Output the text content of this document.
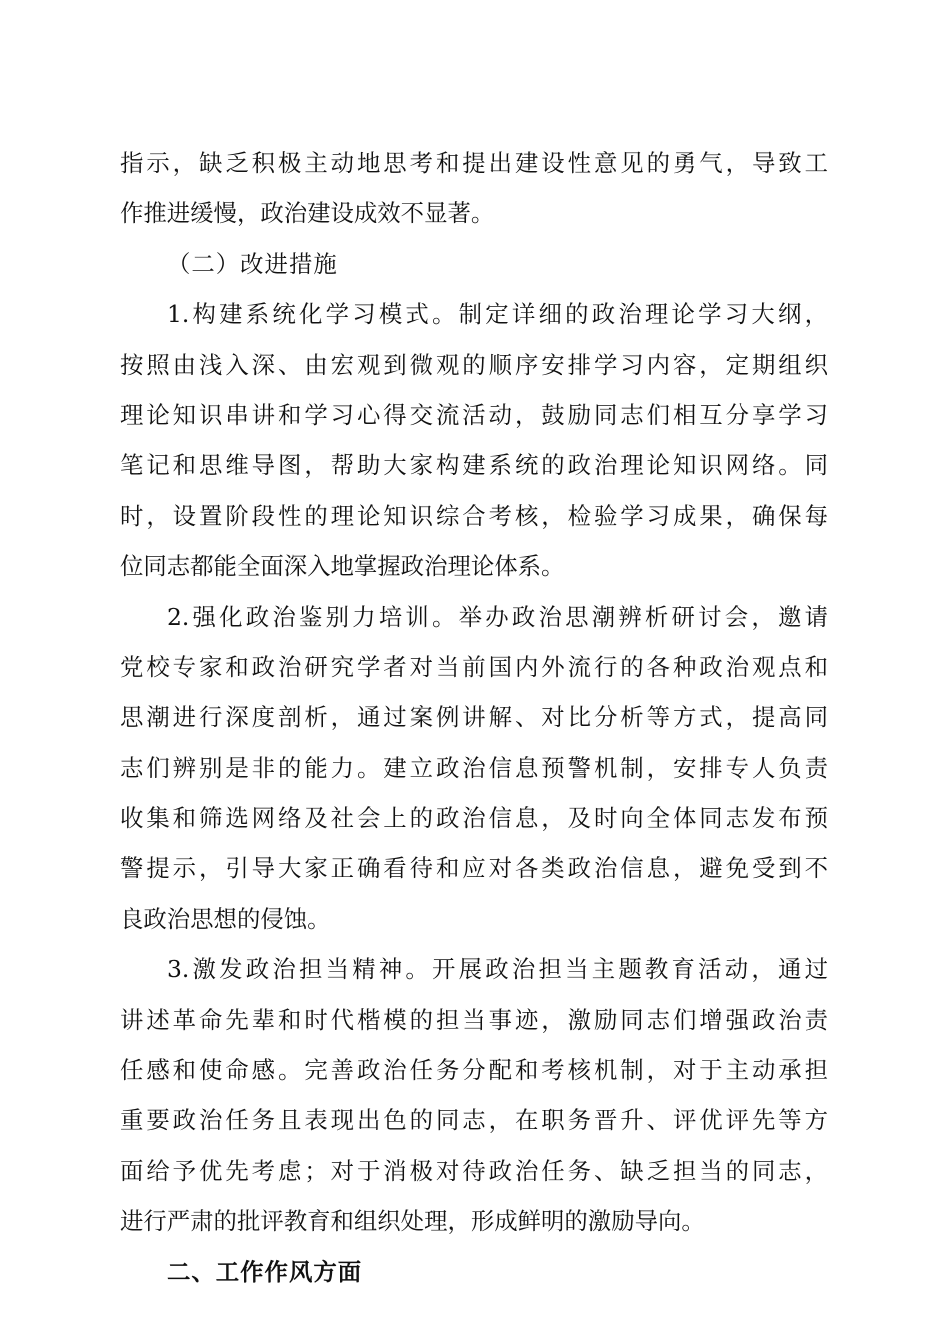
指示，缺乏积极主动地思考和提出建设性意见的勇气，导致工
作推进缓慢，政治建设成效不显著。
（二）改进措施
1.构建系统化学习模式。制定详细的政治理论学习大纲，
按照由浅入深、由宏观到微观的顺序安排学习内容，定期组织
理论知识串讲和学习心得交流活动，鼓励同志们相互分享学习
笔记和思维导图，帮助大家构建系统的政治理论知识网络。同
时，设置阶段性的理论知识综合考核，检验学习成果，确保每
位同志都能全面深入地掌握政治理论体系。
2.强化政治鉴别力培训。举办政治思潮辨析研讨会，邀请
党校专家和政治研究学者对当前国内外流行的各种政治观点和
思潮进行深度剖析，通过案例讲解、对比分析等方式，提高同
志们辨别是非的能力。建立政治信息预警机制，安排专人负责
收集和筛选网络及社会上的政治信息，及时向全体同志发布预
警提示，引导大家正确看待和应对各类政治信息，避免受到不
良政治思想的侵蚀。
3.激发政治担当精神。开展政治担当主题教育活动，通过
讲述革命先辈和时代楷模的担当事迹，激励同志们增强政治责
任感和使命感。完善政治任务分配和考核机制，对于主动承担
重要政治任务且表现出色的同志，在职务晋升、评优评先等方
面给予优先考虑；对于消极对待政治任务、缺乏担当的同志，
进行严肃的批评教育和组织处理，形成鲜明的激励导向。
二、工作作风方面
